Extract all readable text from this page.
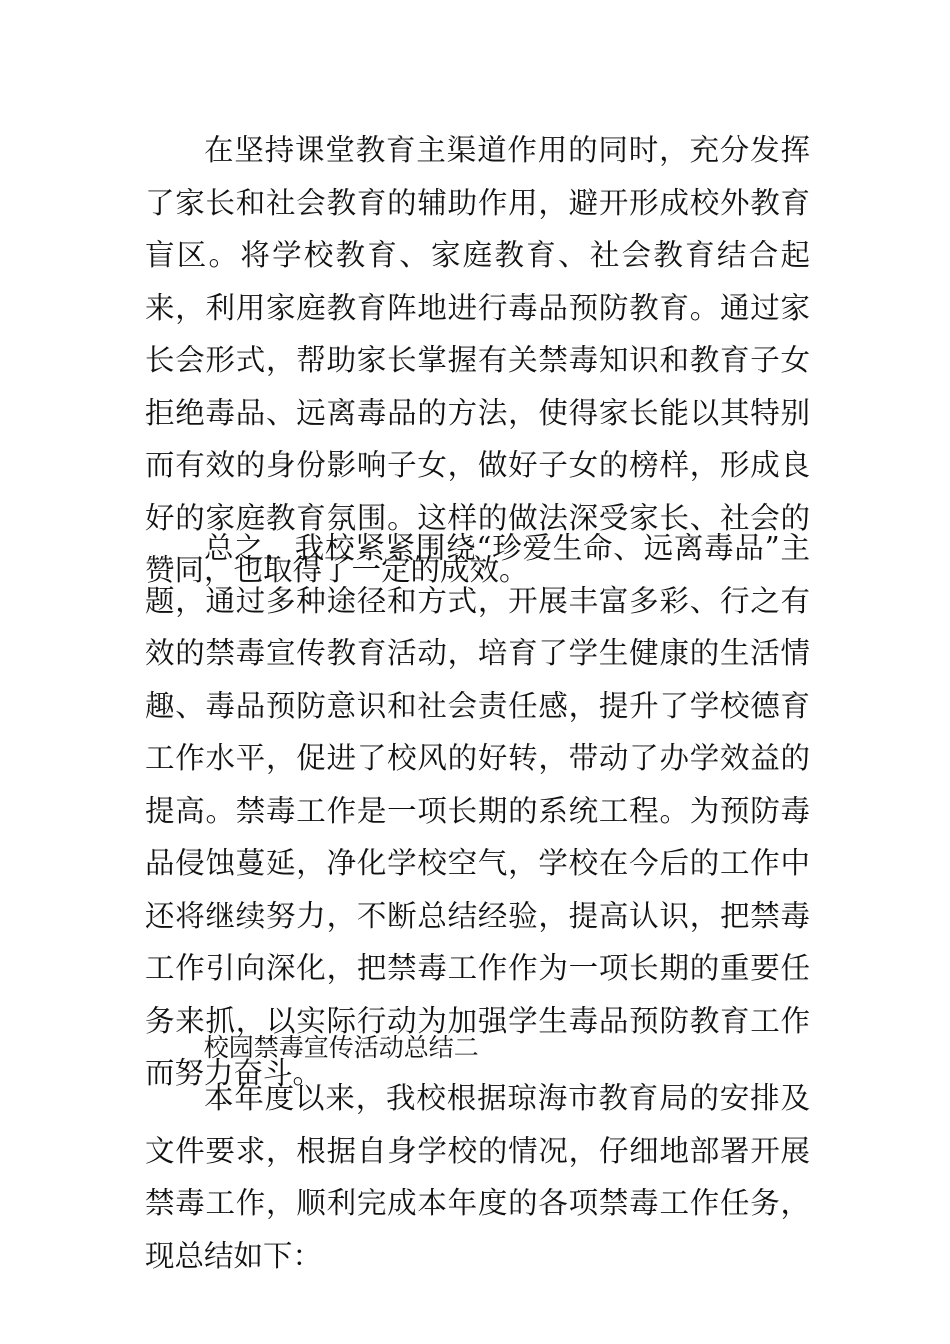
在坚持课堂教育主渠道作用的同时，充分发挥了家长和社会教育的辅助作用，避开形成校外教育盲区。将学校教育、家庭教育、社会教育结合起来，利用家庭教育阵地进行毒品预防教育。通过家长会形式，帮助家长掌握有关禁毒知识和教育子女拒绝毒品、远离毒品的方法，使得家长能以其特别而有效的身份影响子女，做好子女的榜样，形成良好的家庭教育氛围。这样的做法深受家长、社会的赞同，也取得了一定的成效。

总之，我校紧紧围绕“珍爱生命、远离毒品”主题，通过多种途径和方式，开展丰富多彩、行之有效的禁毒宣传教育活动，培育了学生健康的生活情趣、毒品预防意识和社会责任感，提升了学校德育工作水平，促进了校风的好转，带动了办学效益的提高。禁毒工作是一项长期的系统工程。为预防毒品侵蚀蔓延，净化学校空气，学校在今后的工作中还将继续努力，不断总结经验，提高认识，把禁毒工作引向深化，把禁毒工作作为一项长期的重要任务来抓，以实际行动为加强学生毒品预防教育工作而努力奋斗。

校园禁毒宣传活动总结二

本年度以来，我校根据琼海市教育局的安排及文件要求，根据自身学校的情况，仔细地部署开展禁毒工作，顺利完成本年度的各项禁毒工作任务，现总结如下：
